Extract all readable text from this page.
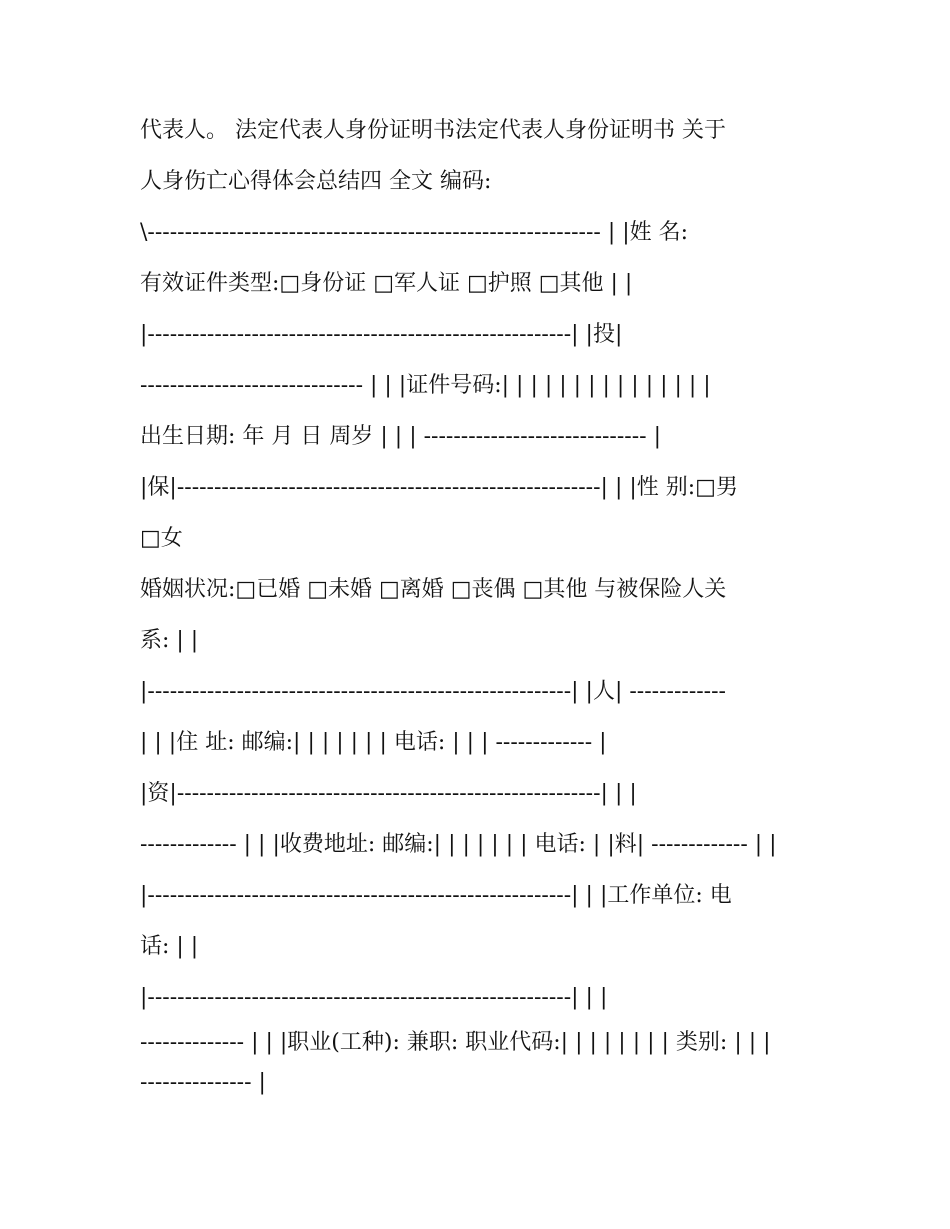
代表人。 法定代表人身份证明书法定代表人身份证明书 关于
人身伤亡心得体会总结四 全文 编码:
\------------------------------------------------------------- | |姓 名:
有效证件类型:□身份证 □军人证 □护照 □其他 | |
|---------------------------------------------------------| |投|
------------------------------ | | |证件号码:| | | | | | | | | | | | | | |
出生日期: 年 月 日 周岁 | | | ------------------------------ |
|保|---------------------------------------------------------| | |性 别:□男
□女
婚姻状况:□已婚 □未婚 □离婚 □丧偶 □其他 与被保险人关
系: | |
|---------------------------------------------------------| |人| -------------
| | |住 址: 邮编:| | | | | | | 电话: | | | ------------- |
|资|---------------------------------------------------------| | |
------------- | | |收费地址: 邮编:| | | | | | | 电话: | |料| ------------- | |
|---------------------------------------------------------| | |工作单位: 电
话: | |
|---------------------------------------------------------| | |
-------------- | | |职业(工种): 兼职: 职业代码:| | | | | | | | 类别: | | |
--------------- |
